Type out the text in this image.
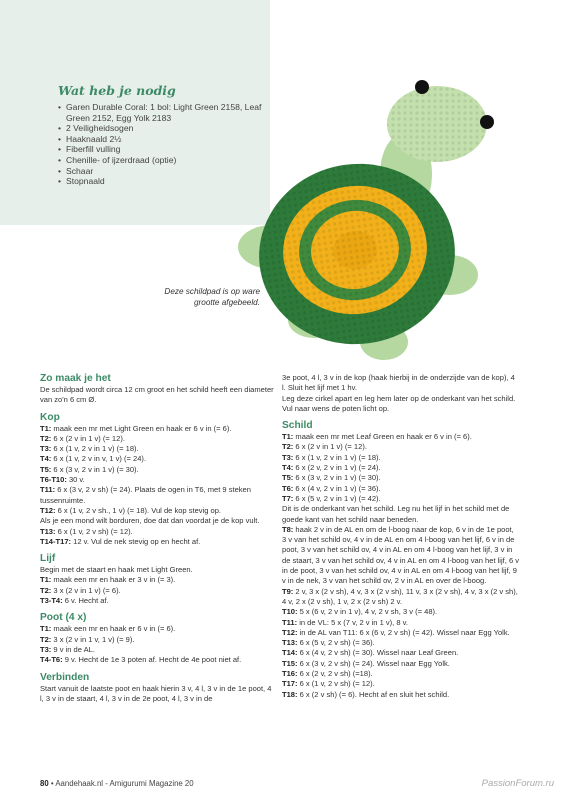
Wat heb je nodig
• Garen Durable Coral: 1 bol: Light Green 2158, Leaf Green 2152, Egg Yolk 2183
• 2 Veiligheidsogen
• Haaknaald 2½
• Fiberfill vulling
• Chenille- of ijzerdraad (optie)
• Schaar
• Stopnaald
Deze schildpad is op ware grootte afgebeeld.

Zo maak je het

De schildpad wordt circa 12 cm groot en het schild heeft een diameter van zo'n 6 cm Ø.

Kop

T1: maak een mr met Light Green en haak er 6 v in (= 6).

T2: 6 x (2 v in 1 v) (= 12).

T3: 6 x (1 v, 2 v in 1 v) (= 18).

T4: 6 x (1 v, 2 v in v, 1 v) (= 24).

T5: 6 x (3 v, 2 v in 1 v) (= 30).

T6-T10: 30 v.

T11: 6 x (3 v, 2 v sh) (= 24). Plaats de ogen in T6, met 9 steken tussenruimte.

T12: 6 x (1 v, 2 v sh., 1 v) (= 18). Vul de kop stevig op.

Als je een mond wilt borduren, doe dat dan voordat je de kop vult.

T13: 6 x (1 v, 2 v sh) (= 12).

T14-T17: 12 v. Vul de nek stevig op en hecht af.

Lijf

Begin met de staart en haak met Light Green.

T1: maak een mr en haak er 3 v in (= 3).

T2: 3 x (2 v in 1 v) (= 6).

T3-T4: 6 v. Hecht af.

Poot (4 x)

T1: maak een mr en haak er 6 v in (= 6).

T2: 3 x (2 v in 1 v, 1 v) (= 9).

T3: 9 v in de AL.

T4-T6: 9 v. Hecht de 1e 3 poten af. Hecht de 4e poot niet af.

Verbinden

Start vanuit de laatste poot en haak hierin 3 v, 4 l, 3 v in de 1e poot, 4 l, 3 v in de staart, 4 l, 3 v in de 2e poot, 4 l, 3 v in de

3e poot, 4 l, 3 v in de kop (haak hierbij in de onderzijde van de kop), 4 l. Sluit het lijf met 1 hv.

Leg deze cirkel apart en leg hem later op de onderkant van het schild. Vul naar wens de poten licht op.

Schild

T1: maak een mr met Leaf Green en haak er 6 v in (= 6).

T2: 6 x (2 v in 1 v) (= 12).

T3: 6 x (1 v, 2 v in 1 v) (= 18).

T4: 6 x (2 v, 2 v in 1 v) (= 24).

T5: 6 x (3 v, 2 v in 1 v) (= 30).

T6: 6 x (4 v, 2 v in 1 v) (= 36).

T7: 6 x (5 v, 2 v in 1 v) (= 42).

Dit is de onderkant van het schild. Leg nu het lijf in het schild met de goede kant van het schild naar beneden.

T8: haak 2 v in de AL en om de l-boog naar de kop, 6 v in de 1e poot, 3 v van het schild ov, 4 v in de AL en om 4 l-boog van het lijf, 6 v in de poot, 3 v van het schild ov, 4 v in AL en om 4 l-boog van het lijf, 3 v in de staart, 3 v van het schild ov, 4 v in AL en om 4 l-boog van het lijf, 6 v in de poot, 3 v van het schild ov, 4 v in AL en om 4 l-boog van het lijf, 9 v in de nek, 3 v van het schild ov, 2 v in AL en over de l-boog.

T9: 2 v, 3 x (2 v sh), 4 v, 3 x (2 v sh), 11 v, 3 x (2 v sh), 4 v, 3 x (2 v sh), 4 v, 2 x (2 v sh), 1 v, 2 x (2 v sh) 2 v.

T10: 5 x (6 v, 2 v in 1 v), 4 v, 2 v sh, 3 v (= 48).

T11: in de VL: 5 x (7 v, 2 v in 1 v), 8 v.

T12: in de AL van T11: 6 x (6 v, 2 v sh) (= 42). Wissel naar Egg Yolk.

T13: 6 x (5 v, 2 v sh) (= 36).

T14: 6 x (4 v, 2 v sh) (= 30). Wissel naar Leaf Green.

T15: 6 x (3 v, 2 v sh) (= 24). Wissel naar Egg Yolk.

T16: 6 x (2 v, 2 v sh) (=18).

T17: 6 x (1 v, 2 v sh) (= 12).

T18: 6 x (2 v sh) (= 6). Hecht af en sluit het schild.

80 • Aandehaak.nl - Amigurumi Magazine 20	PassionForum.ru
